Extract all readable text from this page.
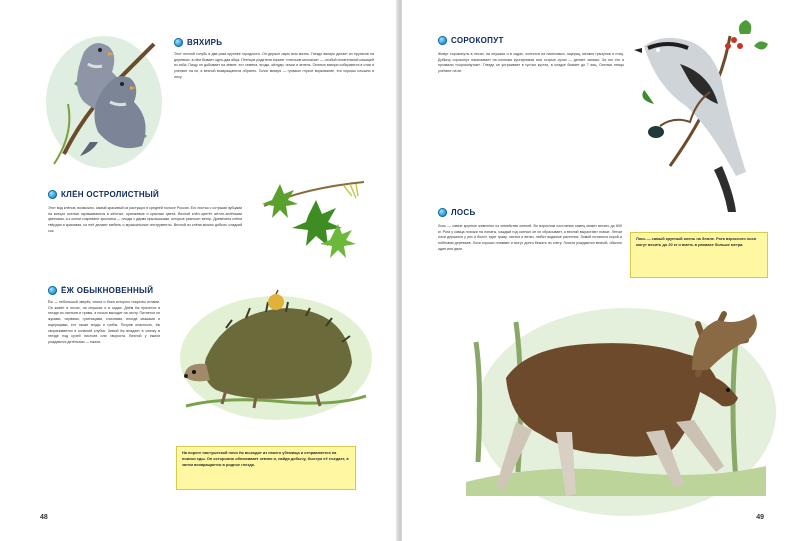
ВЯХИРЬ

Этот лесной голубь в два раза крупнее городского. Он держит пары всю жизнь. Гнездо вяхирь делает из прутиков на деревьях, в нём бывает одно-два яйца. Птенцов родители кормят «птичьим молоком» — особой питательной кашицей из зоба. Пищу он добывает на земле: ест семена, ягоды, жёлуди, почки и зелень. Осенью вяхири собираются в стаи и улетают на юг, а весной возвращаются обратно. Голос вяхиря — громкое глухое воркование, его хорошо слышно в лесу.

КЛЁН ОСТРОЛИСТНЫЙ

Этот вид клёнов, возможно, самый красивый из растущих в средней полосе России. Его листья с острыми зубцами на концах осенью окрашиваются в жёлтые, оранжевые и красные цвета. Весной клён цветёт жёлто-зелёными цветками, а к осени созревают крылатки — плоды с двумя крылышками, которые разносит ветер. Древесина клёна твёрдая и красивая, из неё делают мебель и музыкальные инструменты. Весной из клёна можно добыть сладкий сок.

ЁЖ ОБЫКНОВЕННЫЙ

Ёж — небольшой зверёк, спина и бока которого покрыты иглами. Он живёт в лесах, на опушках и в садах. Днём ёж прячется в гнезде из листьев и травы, а ночью выходит на охоту. Питается он жуками, червями, гусеницами, слизнями, иногда мышами и ящерицами, ест также ягоды и грибы. Почуяв опасность, ёж сворачивается в колючий клубок. Зимой ёж впадает в спячку в гнезде под кучей листьев или хвороста. Весной у ежихи рождаются детёныши — ежата.

На пороге пастушеской ночи ёж выходит из своего убежища и отправляется на поиски еды. Он осторожно обнюхивает землю и, найдя добычу, быстро её съедает, а затем возвращается в родное гнездо.
48
СОРОКОПУТ

Живут сорокопуты в лесах, на опушках и в садах, охотятся на насекомых, ящериц, мелких грызунов и птиц. Добычу сорокопут накалывает на колючки кустарников или острые сучки — делает запасы. За это его и прозвали «сорокопутом». Гнездо он устраивает в густых кустах, в кладке бывает до 7 яиц. Осенью птицы улетают на юг.

ЛОСЬ

Лось — самое крупное животное из семейства оленей. Во взрослом состоянии самец может весить до 600 кг. Рога у самца похожи на лопаты, каждый год осенью он их сбрасывает, а весной вырастают новые. Летом лоси держатся у рек и болот, едят траву, листья и ветки, любят водяные растения. Зимой питаются корой и побегами деревьев. Лоси хорошо плавают и могут долго бежать по снегу. Лосята рождаются весной, обычно один или двое.

Лось — самый крупный олень на Земле. Рога взрослого лося могут весить до 20 кг и иметь в размахе больше метра.
49
